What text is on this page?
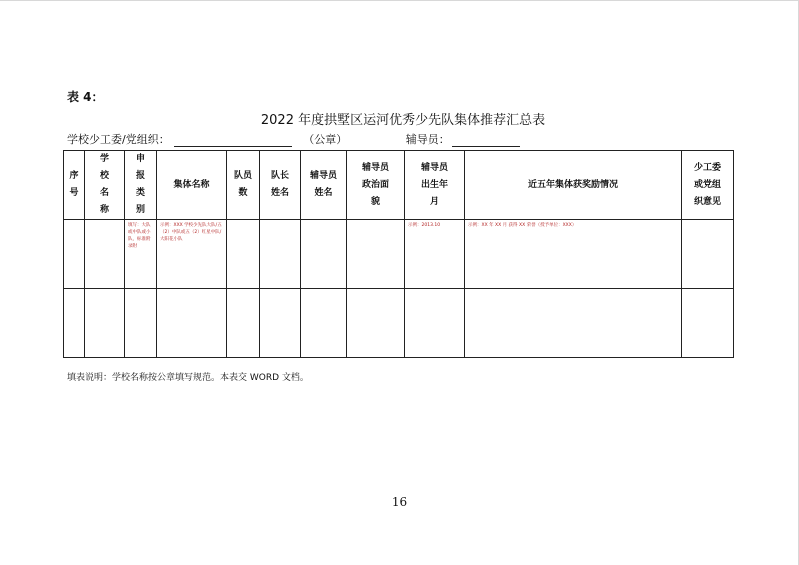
表 4：
2022 年度拱墅区运河优秀少先队集体推荐汇总表
学校少工委/党组织：	（公章）	辅导员：
序号	学校名称	申报类别	集体名称	队员数	队长姓名	辅导员姓名	辅导员政治面貌	辅导员出生年月	近五年集体获奖励情况	少工委或党组织意见

		填写：大队或中队或小队，标准附录附	示例：XXX 学校少先队大队/五（2）中队或五（2）红星中队/大阳花小队					示例：2013.10	示例：XX 年 XX 月 获得 XX 荣誉（授予单位：XXX）	

填表说明：学校名称按公章填写规范。本表交 WORD 文档。
16
